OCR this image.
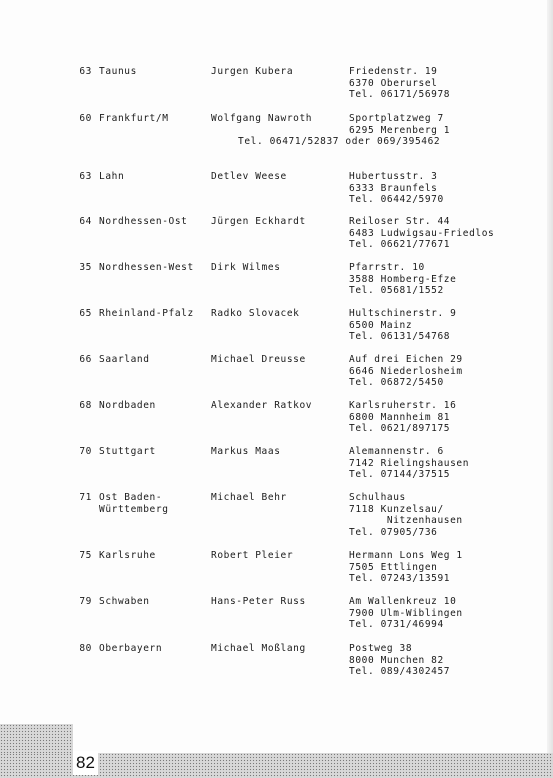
63 Taunus	Jurgen Kubera	Friedenstr. 19
6370 Oberursel
Tel. 06171/56978
60 Frankfurt/M	Wolfgang Nawroth	Sportplatzweg 7
6295 Merenberg 1
Tel. 06471/52837 oder 069/395462
63 Lahn	Detlev Weese	Hubertusstr. 3
6333 Braunfels
Tel. 06442/5970
64 Nordhessen-Ost Jürgen Eckhardt	Reiloser Str. 44
6483 Ludwigsau-Friedlos
Tel. 06621/77671
35 Nordhessen-West Dirk Wilmes	Pfarrstr. 10
3588 Homberg-Efze
Tel. 05681/1552
65 Rheinland-Pfalz Radko Slovacek	Hultschinerstr. 9
6500 Mainz
Tel. 06131/54768
66 Saarland	Michael Dreusse	Auf drei Eichen 29
6646 Niederlosheim
Tel. 06872/5450
68 Nordbaden	Alexander Ratkov	Karlsruherstr. 16
6800 Mannheim 81
Tel. 0621/897175
70 Stuttgart	Markus Maas	Alemannenstr. 6
7142 Rielingshausen
Tel. 07144/37515
71 Ost Baden-
Württemberg
Michael Behr	Schulhaus
7118 Kunzelsau/
Nitzenhausen
Tel. 07905/736
75 Karlsruhe	Robert Pleier	Hermann Lons Weg 1
7505 Ettlingen
Tel. 07243/13591
79 Schwaben	Hans-Peter Russ	Am Wallenkreuz 10
7900 Ulm-Wiblingen
Tel. 0731/46994
80 Oberbayern	Michael Moßlang	Postweg 38
8000 Munchen 82
Tel. 089/4302457
82
